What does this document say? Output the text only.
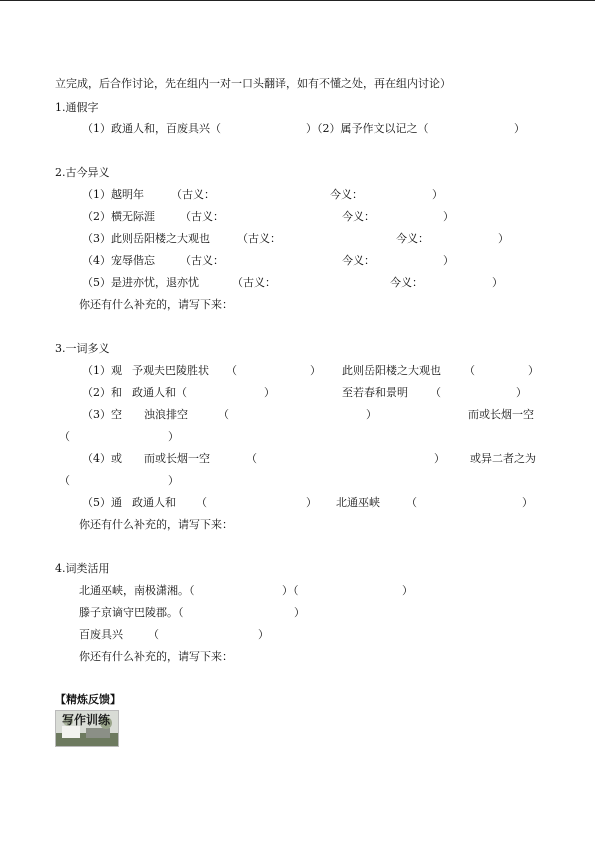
立完成，后合作讨论，先在组内一对一口头翻译，如有不懂之处，再在组内讨论）
1.通假字
（1）政通人和，百废具兴（	）（2）属予作文以记之（	）
2.古今异义
（1）越明年 （古义：	今义：	）
（2）横无际涯 （古义：	今义：	）
（3）此则岳阳楼之大观也 （古义：	今义：	）
（4）宠辱偕忘 （古义：	今义：	）
（5）是进亦忧，退亦忧	（古义：	今义：	）
你还有什么补充的，请写下来：
3.一词多义
（1）观 予观夫巴陵胜状 （	） 此则岳阳楼之大观也 （	）
（2）和 政通人和（	）	至若春和景明 （	）
（3）空 浊浪排空	（	）	而或长烟一空
（	）
（4）或 而或长烟一空	（	） 或异二者之为
（	）
（5）通 政通人和 （	） 北通巫峡 （	）
你还有什么补充的，请写下来：
4.词类活用
北通巫峡，南极潇湘。（	）（	）
滕子京谪守巴陵郡。（	）
百废具兴 （	）
你还有什么补充的，请写下来：
【精炼反馈】
写作训练
